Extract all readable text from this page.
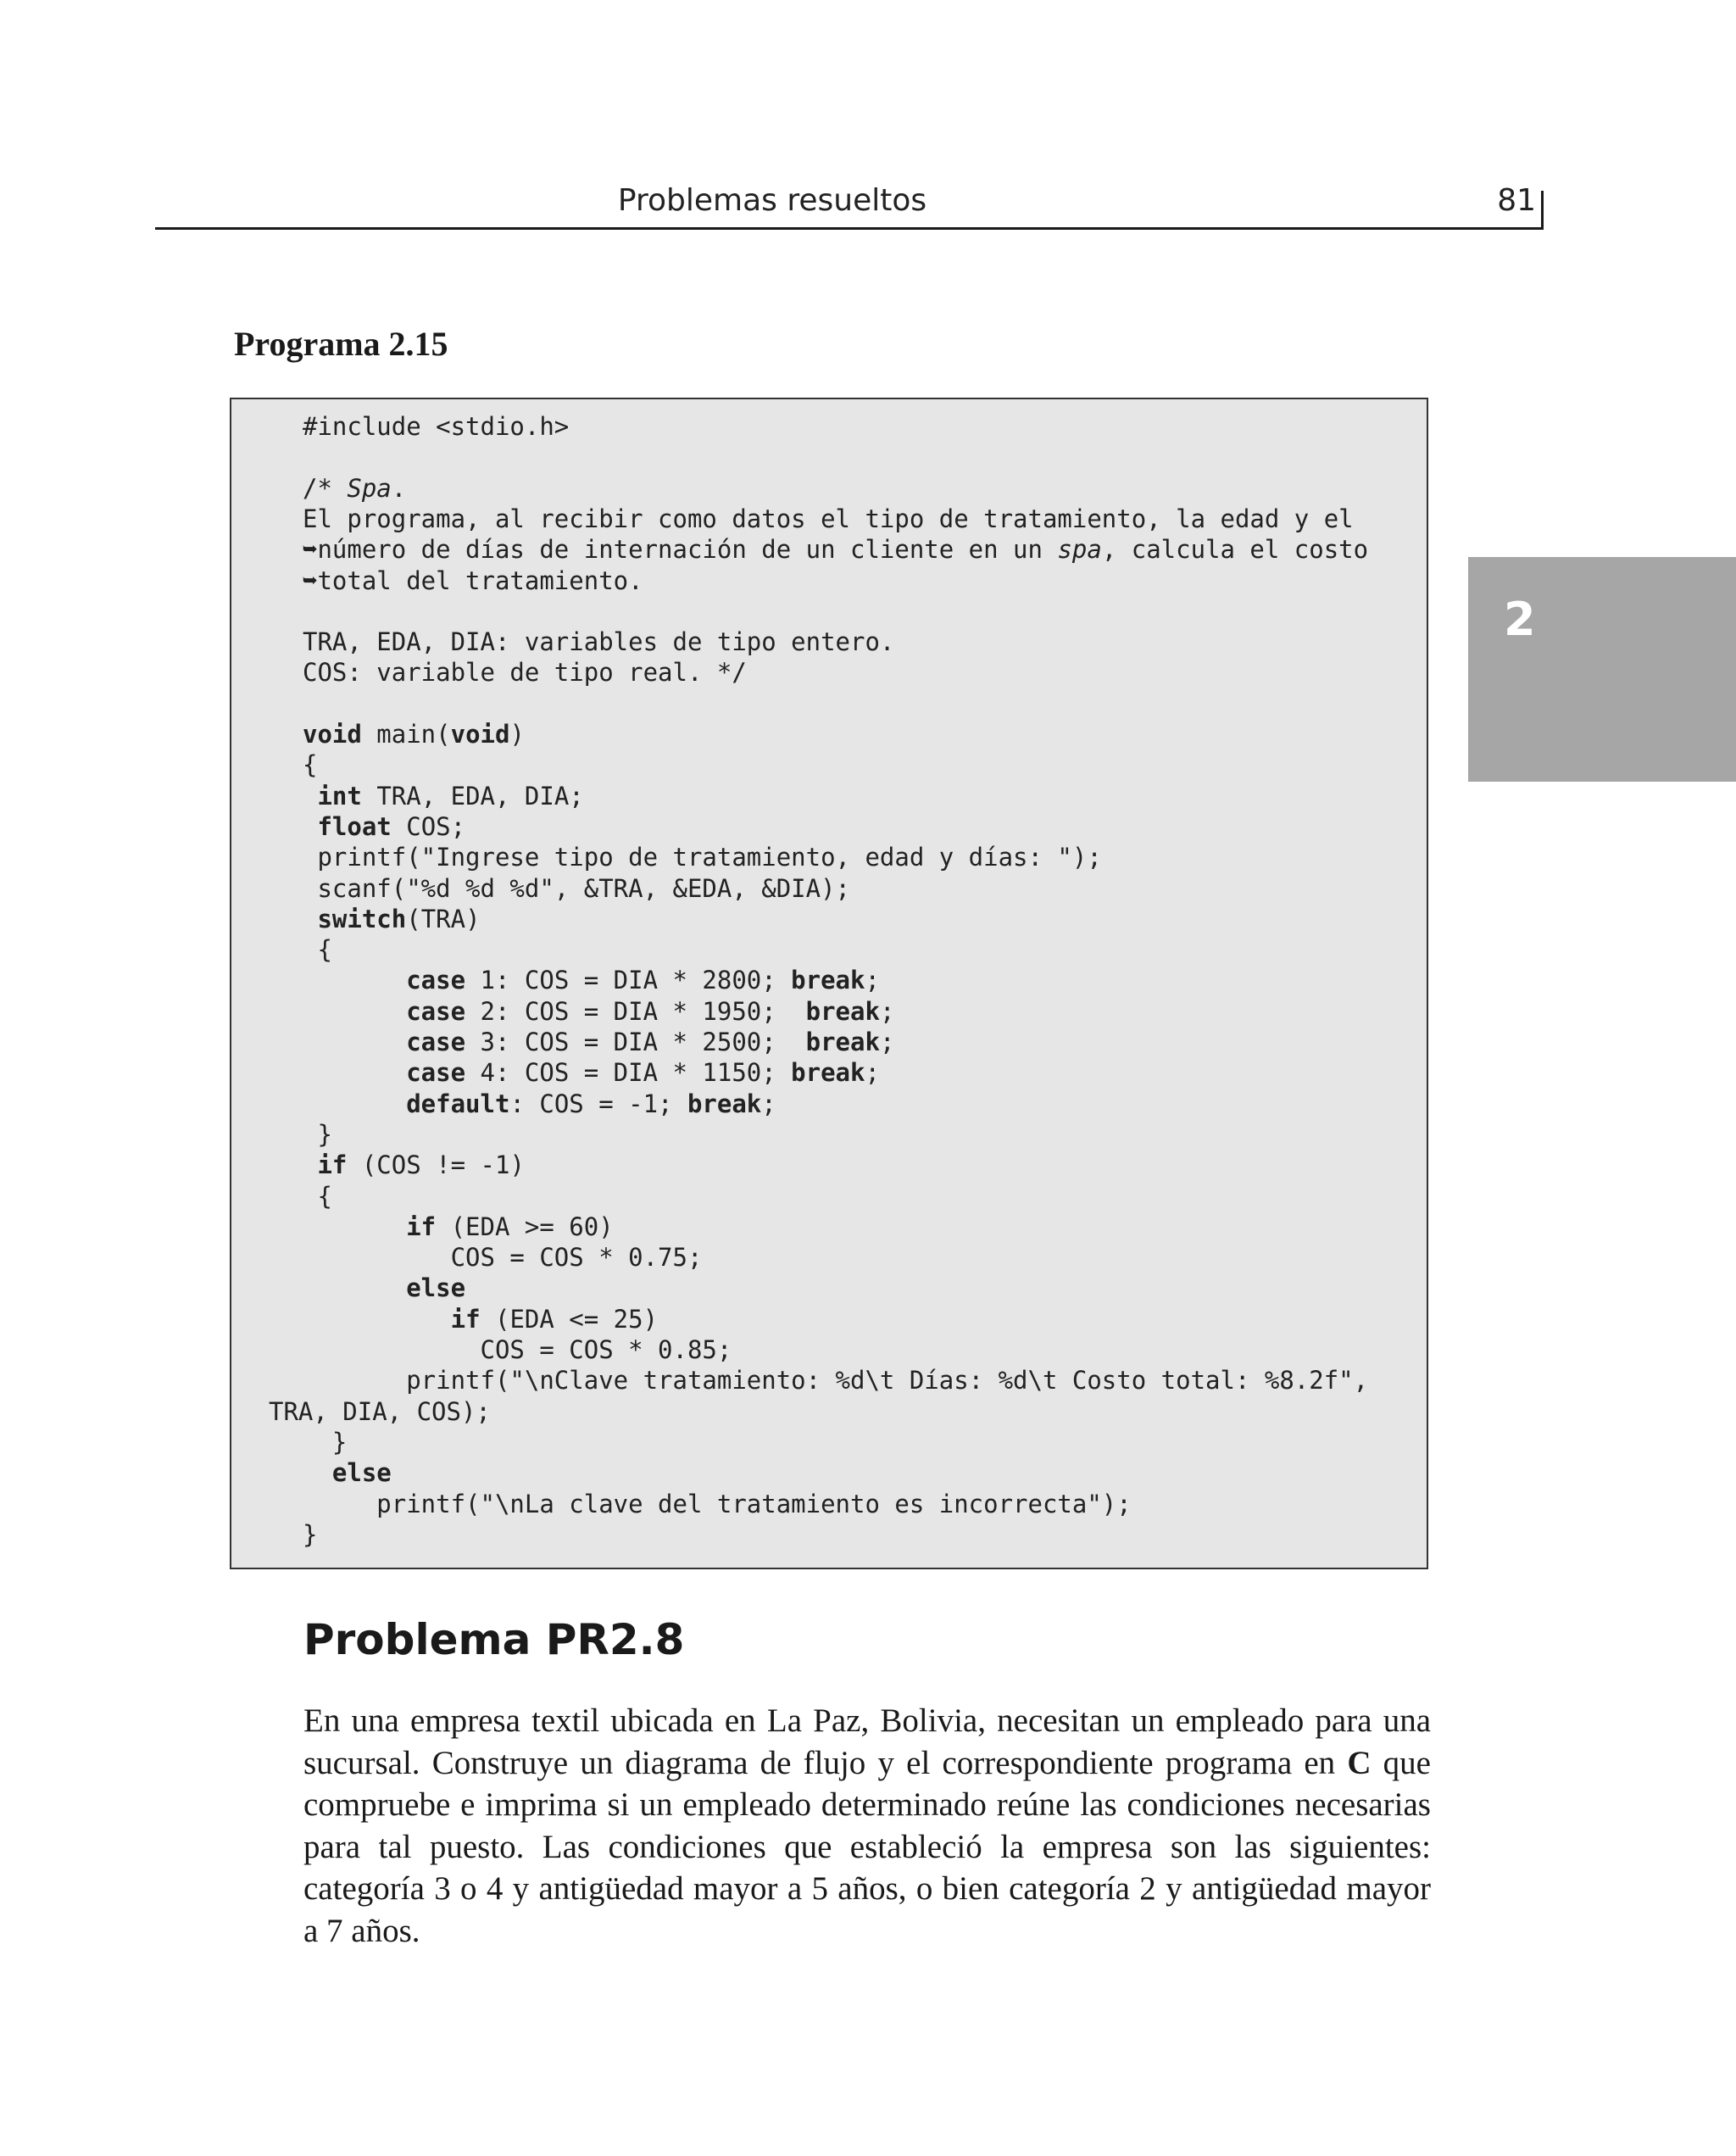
Problemas resueltos	81
2
Programa 2.15
#include <stdio.h>
/* Spa.
El programa, al recibir como datos el tipo de tratamiento, la edad y el
➥número de días de internación de un cliente en un spa, calcula el costo
➥total del tratamiento.
TRA, EDA, DIA: variables de tipo entero.
COS: variable de tipo real. */
void main(void)
{
int TRA, EDA, DIA;
float COS;
printf("Ingrese tipo de tratamiento, edad y días: ");
scanf("%d %d %d", &TRA, &EDA, &DIA);
switch(TRA)
{
case 1: COS = DIA * 2800; break;
case 2: COS = DIA * 1950;  break;
case 3: COS = DIA * 2500;  break;
case 4: COS = DIA * 1150; break;
default: COS = -1; break;
}
if (COS != -1)
{
if (EDA >= 60)
COS = COS * 0.75;
else
if (EDA <= 25)
COS = COS * 0.85;
printf("\nClave tratamiento: %d\t Días: %d\t Costo total: %8.2f",
TRA, DIA, COS);
}
else
printf("\nLa clave del tratamiento es incorrecta");
}
Problema PR2.8
En una empresa textil ubicada en La Paz, Bolivia, necesitan un empleado para una sucursal. Construye un diagrama de flujo y el correspondiente programa en C que compruebe e imprima si un empleado determinado reúne las condiciones necesarias para tal puesto. Las condiciones que estableció la empresa son las siguientes: categoría 3 o 4 y antigüedad mayor a 5 años, o bien categoría 2 y antigüedad mayor a 7 años.
